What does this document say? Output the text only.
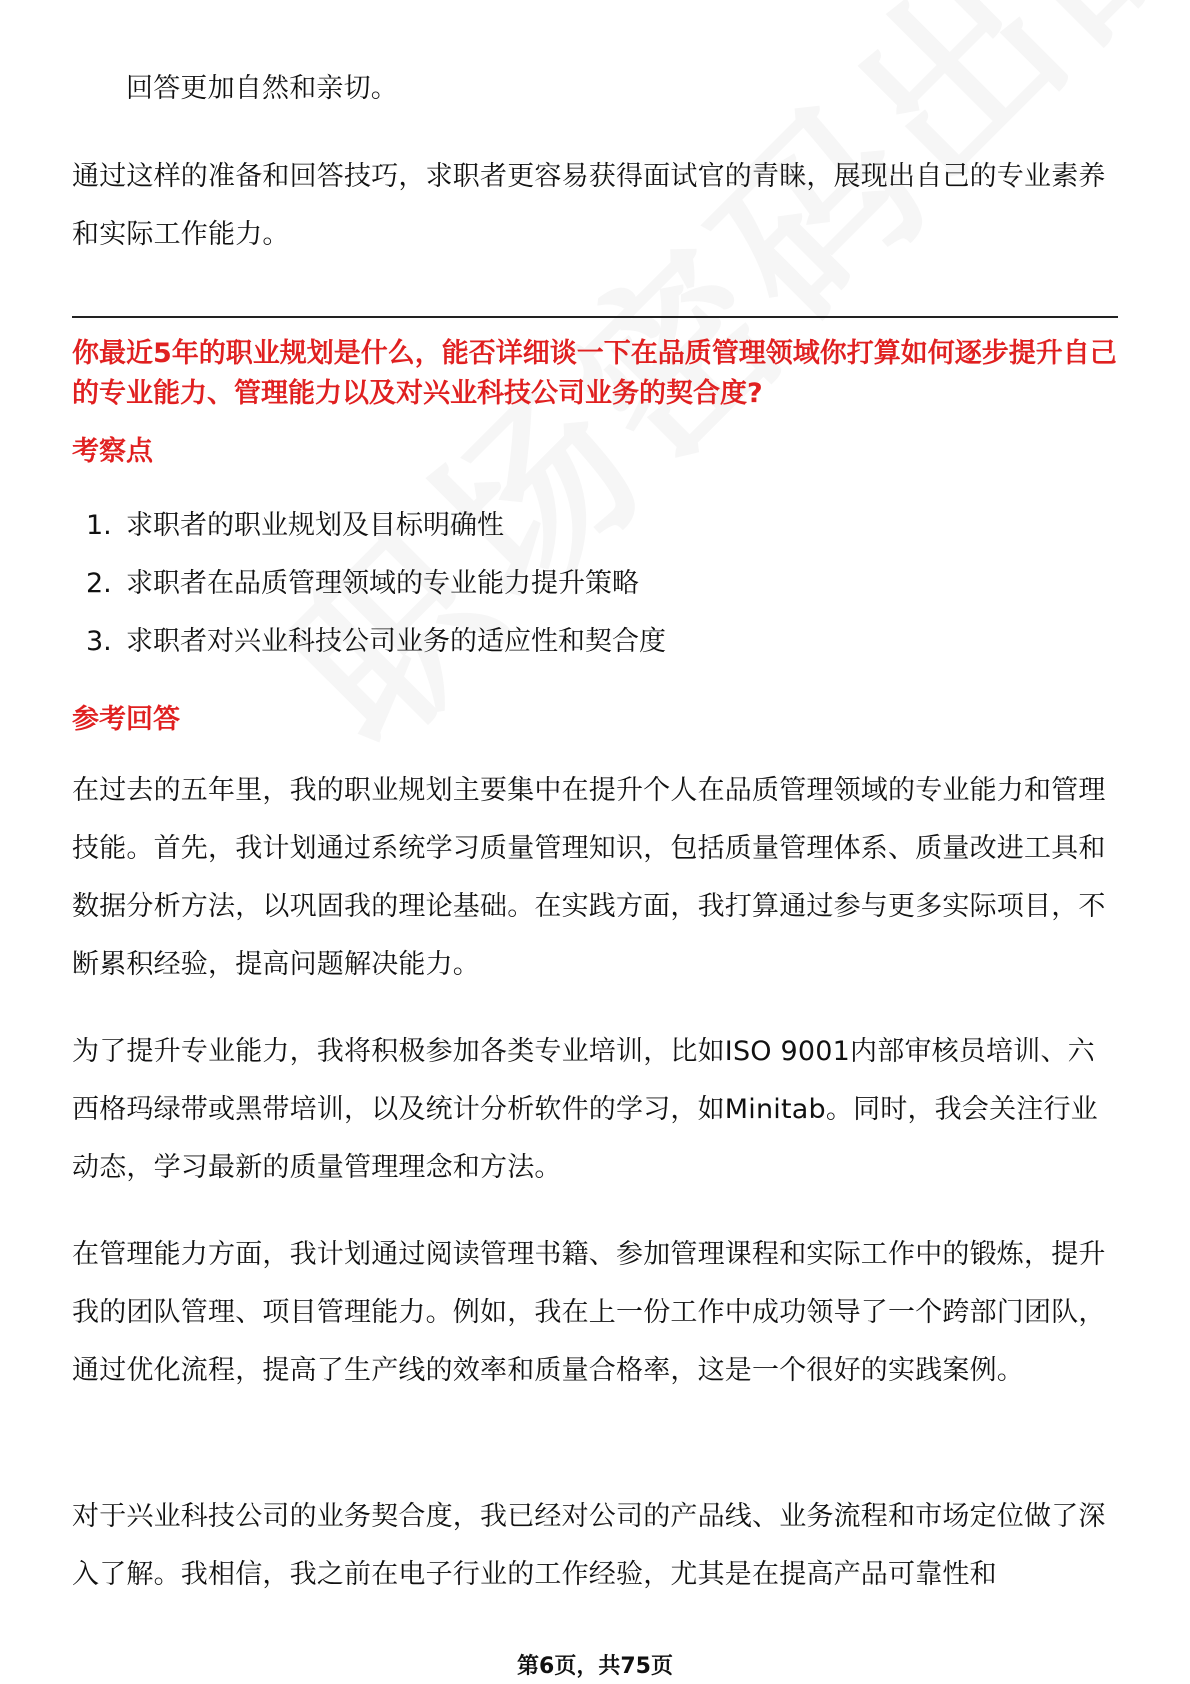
回答更加自然和亲切。

通过这样的准备和回答技巧，求职者更容易获得面试官的青睐，展现出自己的专业素养和实际工作能力。

你最近5年的职业规划是什么，能否详细谈一下在品质管理领域你打算如何逐步提升自己的专业能力、管理能力以及对兴业科技公司业务的契合度?

考察点

1. 求职者的职业规划及目标明确性
2. 求职者在品质管理领域的专业能力提升策略
3. 求职者对兴业科技公司业务的适应性和契合度

参考回答

在过去的五年里，我的职业规划主要集中在提升个人在品质管理领域的专业能力和管理技能。首先，我计划通过系统学习质量管理知识，包括质量管理体系、质量改进工具和数据分析方法，以巩固我的理论基础。在实践方面，我打算通过参与更多实际项目，不断累积经验，提高问题解决能力。

为了提升专业能力，我将积极参加各类专业培训，比如ISO 9001内部审核员培训、六西格玛绿带或黑带培训，以及统计分析软件的学习，如Minitab。同时，我会关注行业动态，学习最新的质量管理理念和方法。

在管理能力方面，我计划通过阅读管理书籍、参加管理课程和实际工作中的锻炼，提升我的团队管理、项目管理能力。例如，我在上一份工作中成功领导了一个跨部门团队，通过优化流程，提高了生产线的效率和质量合格率，这是一个很好的实践案例。

对于兴业科技公司的业务契合度，我已经对公司的产品线、业务流程和市场定位做了深入了解。我相信，我之前在电子行业的工作经验，尤其是在提高产品可靠性和

第6页，共75页
